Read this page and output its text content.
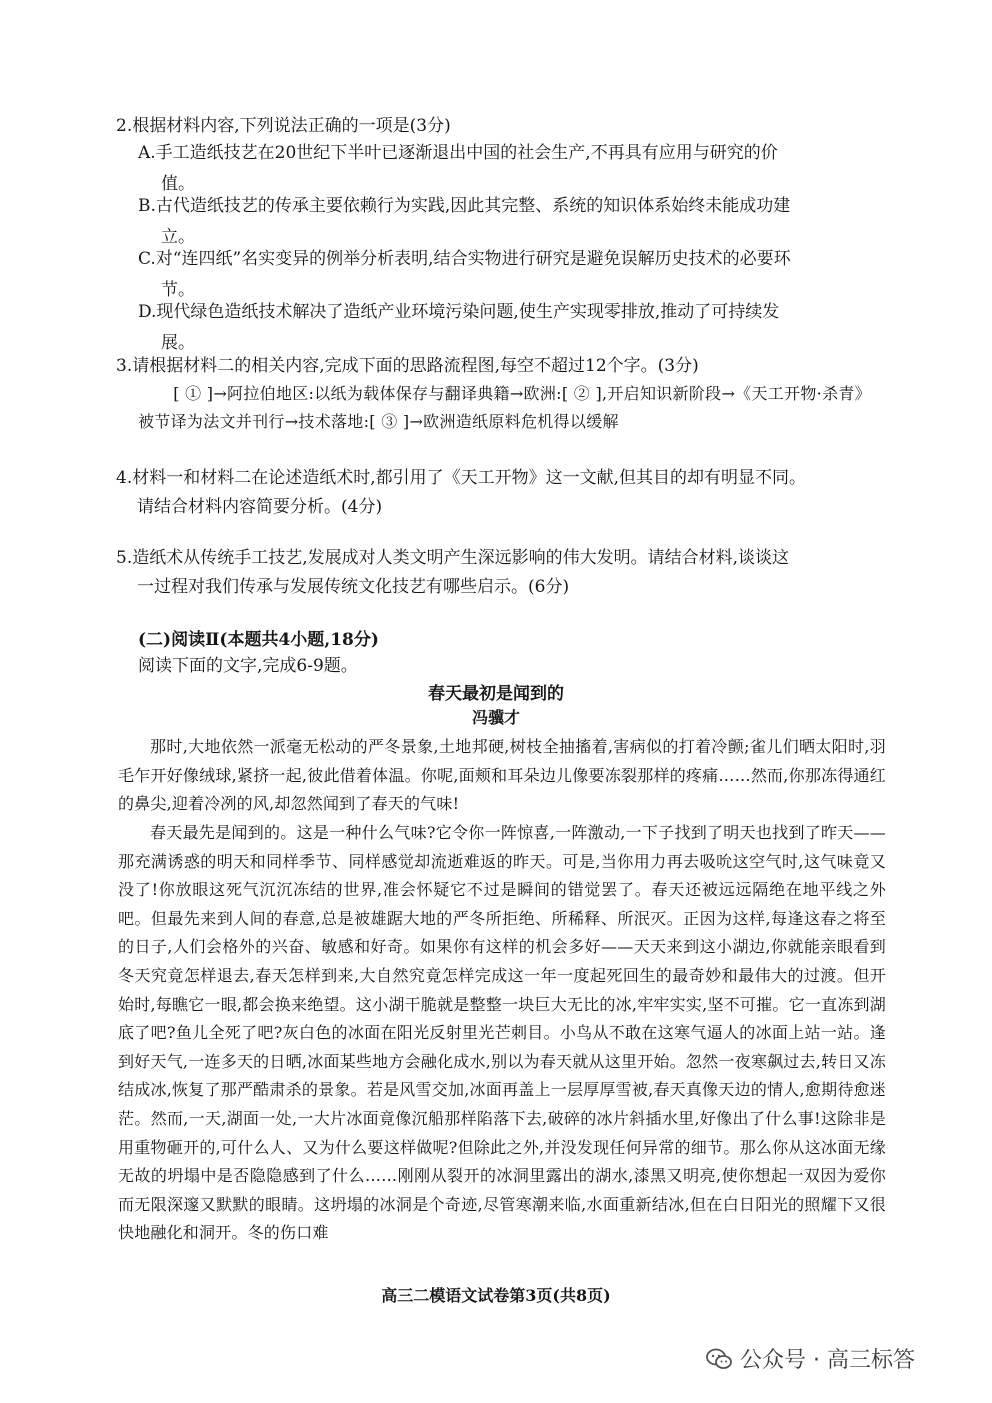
2.根据材料内容,下列说法正确的一项是(3分)
A.手工造纸技艺在20世纪下半叶已逐渐退出中国的社会生产,不再具有应用与研究的价
值。
B.古代造纸技艺的传承主要依赖行为实践,因此其完整、系统的知识体系始终未能成功建
立。
C.对“连四纸”名实变异的例举分析表明,结合实物进行研究是避免误解历史技术的必要环
节。
D.现代绿色造纸技术解决了造纸产业环境污染问题,使生产实现零排放,推动了可持续发
展。
3.请根据材料二的相关内容,完成下面的思路流程图,每空不超过12个字。(3分)
[ ① ]→阿拉伯地区:以纸为载体保存与翻译典籍→欧洲:[ ② ],开启知识新阶段→《天工开物·杀青》被节译为法文并刊行→技术落地:[ ③ ]→欧洲造纸原料危机得以缓解
4.材料一和材料二在论述造纸术时,都引用了《天工开物》这一文献,但其目的却有明显不同。
请结合材料内容简要分析。(4分)
5.造纸术从传统手工技艺,发展成对人类文明产生深远影响的伟大发明。请结合材料,谈谈这
一过程对我们传承与发展传统文化技艺有哪些启示。(6分)
(二)阅读Ⅱ(本题共4小题,18分)
阅读下面的文字,完成6-9题。
春天最初是闻到的
冯骥才
那时,大地依然一派毫无松动的严冬景象,土地邦硬,树枝全抽搐着,害病似的打着冷颤;雀儿们晒太阳时,羽毛乍开好像绒球,紧挤一起,彼此借着体温。你呢,面颊和耳朵边儿像要冻裂那样的疼痛……然而,你那冻得通红的鼻尖,迎着冷冽的风,却忽然闻到了春天的气味!
春天最先是闻到的。这是一种什么气味?它令你一阵惊喜,一阵激动,一下子找到了明天也找到了昨天——那充满诱惑的明天和同样季节、同样感觉却流逝难返的昨天。可是,当你用力再去吸吮这空气时,这气味竟又没了!你放眼这死气沉沉冻结的世界,准会怀疑它不过是瞬间的错觉罢了。春天还被远远隔绝在地平线之外吧。但最先来到人间的春意,总是被雄踞大地的严冬所拒绝、所稀释、所泯灭。正因为这样,每逢这春之将至的日子,人们会格外的兴奋、敏感和好奇。如果你有这样的机会多好——天天来到这小湖边,你就能亲眼看到冬天究竟怎样退去,春天怎样到来,大自然究竟怎样完成这一年一度起死回生的最奇妙和最伟大的过渡。但开始时,每瞧它一眼,都会换来绝望。这小湖干脆就是整整一块巨大无比的冰,牢牢实实,坚不可摧。它一直冻到湖底了吧?鱼儿全死了吧?灰白色的冰面在阳光反射里光芒刺目。小鸟从不敢在这寒气逼人的冰面上站一站。逢到好天气,一连多天的日晒,冰面某些地方会融化成水,别以为春天就从这里开始。忽然一夜寒飙过去,转日又冻结成冰,恢复了那严酷肃杀的景象。若是风雪交加,冰面再盖上一层厚厚雪被,春天真像天边的情人,愈期待愈迷茫。然而,一天,湖面一处,一大片冰面竟像沉船那样陷落下去,破碎的冰片斜插水里,好像出了什么事!这除非是用重物砸开的,可什么人、又为什么要这样做呢?但除此之外,并没发现任何异常的细节。那么你从这冰面无缘无故的坍塌中是否隐隐感到了什么……刚刚从裂开的冰洞里露出的湖水,漆黑又明亮,使你想起一双因为爱你而无限深邃又默默的眼睛。这坍塌的冰洞是个奇迹,尽管寒潮来临,水面重新结冰,但在白日阳光的照耀下又很快地融化和洞开。冬的伤口难
高三二模语文试卷第3页(共8页)
公众号 · 高三标答
